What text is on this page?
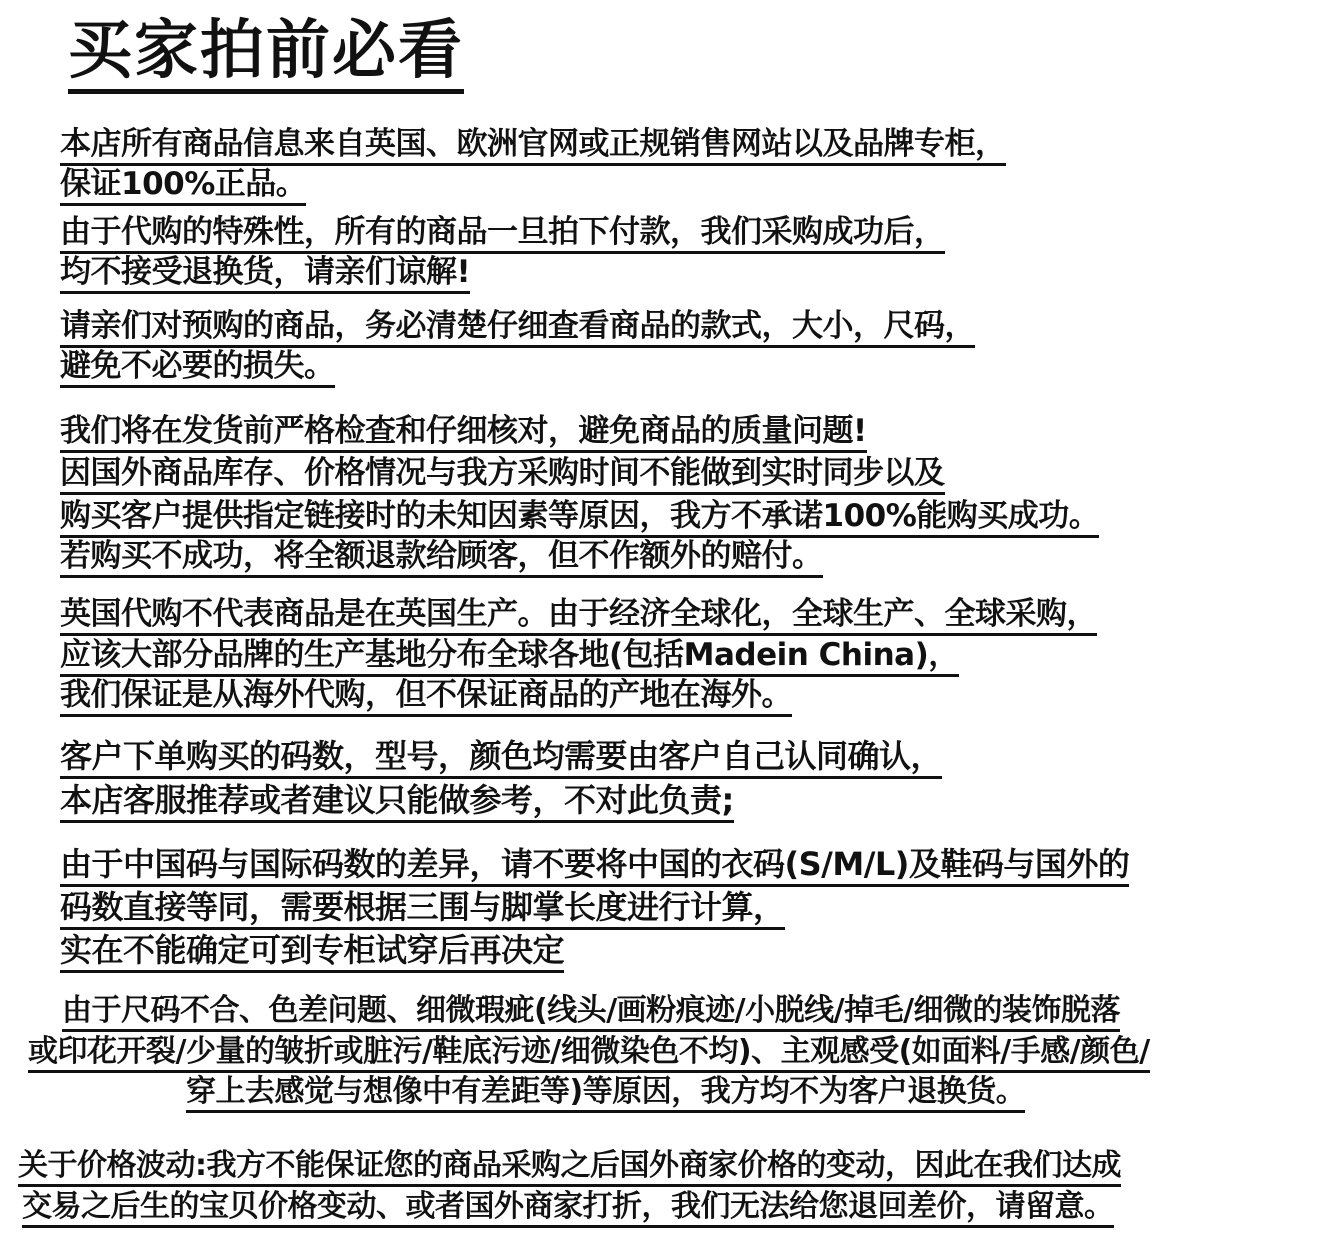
买家拍前必看
本店所有商品信息来自英国、欧洲官网或正规销售网站以及品牌专柜，
保证100%正品。
由于代购的特殊性，所有的商品一旦拍下付款，我们采购成功后，
均不接受退换货，请亲们谅解!
请亲们对预购的商品，务必清楚仔细查看商品的款式，大小，尺码，
避免不必要的损失。
我们将在发货前严格检查和仔细核对，避免商品的质量问题!
因国外商品库存、价格情况与我方采购时间不能做到实时同步以及
购买客户提供指定链接时的未知因素等原因，我方不承诺100%能购买成功。
若购买不成功，将全额退款给顾客，但不作额外的赔付。
英国代购不代表商品是在英国生产。由于经济全球化，全球生产、全球采购，
应该大部分品牌的生产基地分布全球各地(包括Madein China)，
我们保证是从海外代购，但不保证商品的产地在海外。
客户下单购买的码数，型号，颜色均需要由客户自己认同确认，
本店客服推荐或者建议只能做参考，不对此负责;
由于中国码与国际码数的差异，请不要将中国的衣码(S/M/L)及鞋码与国外的
码数直接等同，需要根据三围与脚掌长度进行计算，
实在不能确定可到专柜试穿后再决定
由于尺码不合、色差问题、细微瑕疵(线头/画粉痕迹/小脱线/掉毛/细微的装饰脱落
或印花开裂/少量的皱折或脏污/鞋底污迹/细微染色不均)、主观感受(如面料/手感/颜色/
穿上去感觉与想像中有差距等)等原因，我方均不为客户退换货。
关于价格波动:我方不能保证您的商品采购之后国外商家价格的变动，因此在我们达成
交易之后生的宝贝价格变动、或者国外商家打折，我们无法给您退回差价，请留意。
